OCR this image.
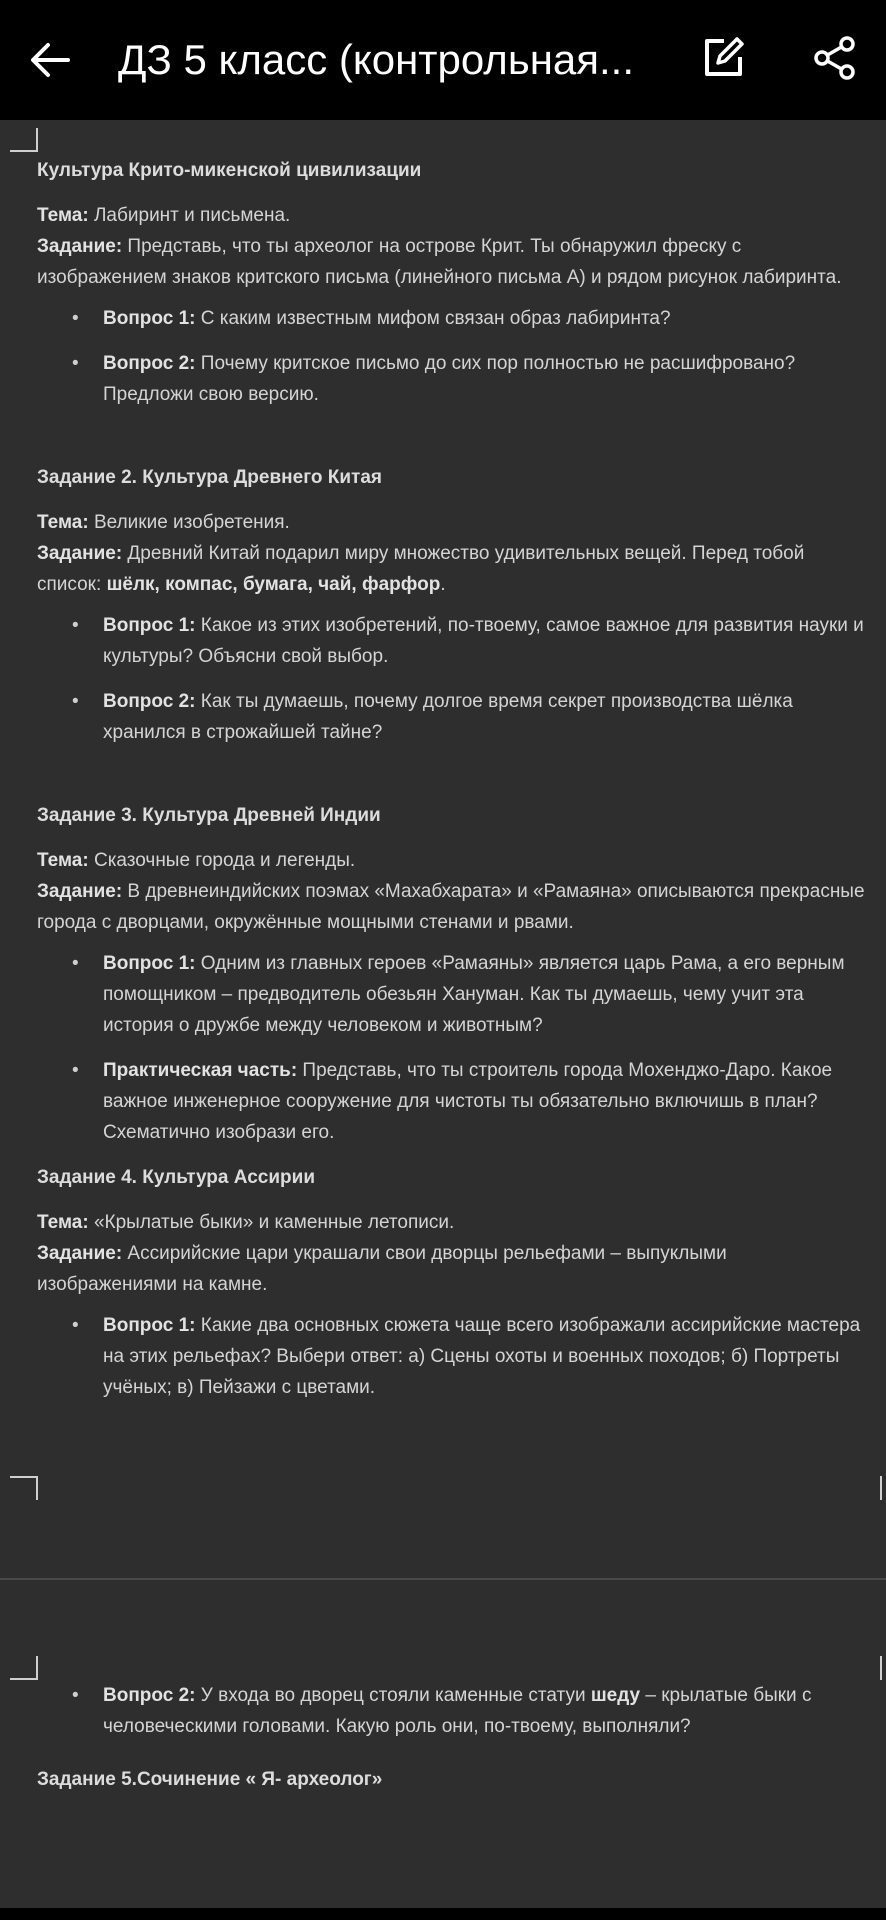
ДЗ 5 класс (контрольная...

Культура Крито-микенской цивилизации

Тема: Лабиринт и письмена.

Задание: Представь, что ты археолог на острове Крит. Ты обнаружил фреску с изображением знаков критского письма (линейного письма А) и рядом рисунок лабиринта.

• Вопрос 1: С каким известным мифом связан образ лабиринта?
• Вопрос 2: Почему критское письмо до сих пор полностью не расшифровано? Предложи свою версию.

Задание 2. Культура Древнего Китая

Тема: Великие изобретения.

Задание: Древний Китай подарил миру множество удивительных вещей. Перед тобой список: шёлк, компас, бумага, чай, фарфор.

• Вопрос 1: Какое из этих изобретений, по-твоему, самое важное для развития науки и культуры? Объясни свой выбор.
• Вопрос 2: Как ты думаешь, почему долгое время секрет производства шёлка хранился в строжайшей тайне?

Задание 3. Культура Древней Индии

Тема: Сказочные города и легенды.

Задание: В древнеиндийских поэмах «Махабхарата» и «Рамаяна» описываются прекрасные города с дворцами, окружённые мощными стенами и рвами.

• Вопрос 1: Одним из главных героев «Рамаяны» является царь Рама, а его верным помощником – предводитель обезьян Хануман. Как ты думаешь, чему учит эта история о дружбе между человеком и животным?
• Практическая часть: Представь, что ты строитель города Мохенджо-Даро. Какое важное инженерное сооружение для чистоты ты обязательно включишь в план? Схематично изобрази его.

Задание 4. Культура Ассирии

Тема: «Крылатые быки» и каменные летописи.

Задание: Ассирийские цари украшали свои дворцы рельефами – выпуклыми изображениями на камне.

• Вопрос 1: Какие два основных сюжета чаще всего изображали ассирийские мастера на этих рельефах? Выбери ответ: а) Сцены охоты и военных походов; б) Портреты учёных; в) Пейзажи с цветами.
• Вопрос 2: У входа во дворец стояли каменные статуи шеду – крылатые быки с человеческими головами. Какую роль они, по-твоему, выполняли?

Задание 5.Сочинение « Я- археолог»
